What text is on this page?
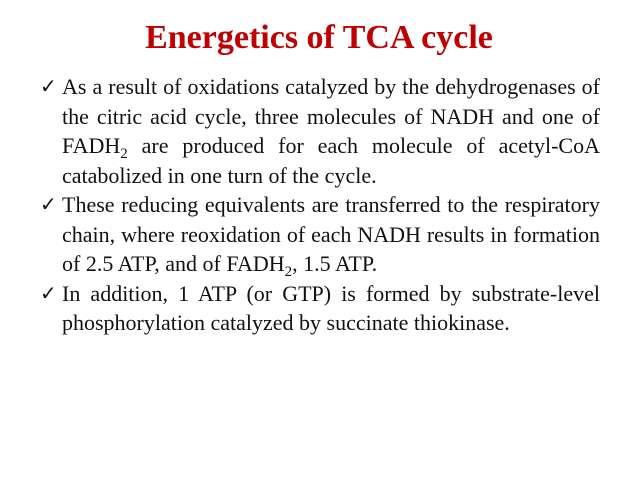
Energetics of TCA cycle
✓ As a result of oxidations catalyzed by the dehydrogenases of the citric acid cycle, three molecules of NADH and one of $FADH_2$ are produced for each molecule of acetyl-CoA catabolized in one turn of the cycle.
✓ These reducing equivalents are transferred to the respiratory chain, where reoxidation of each NADH results in formation of 2.5 ATP, and of $FADH_2$, 1.5 ATP.
✓ In addition, 1 ATP (or GTP) is formed by substrate-level phosphorylation catalyzed by succinate thiokinase.
